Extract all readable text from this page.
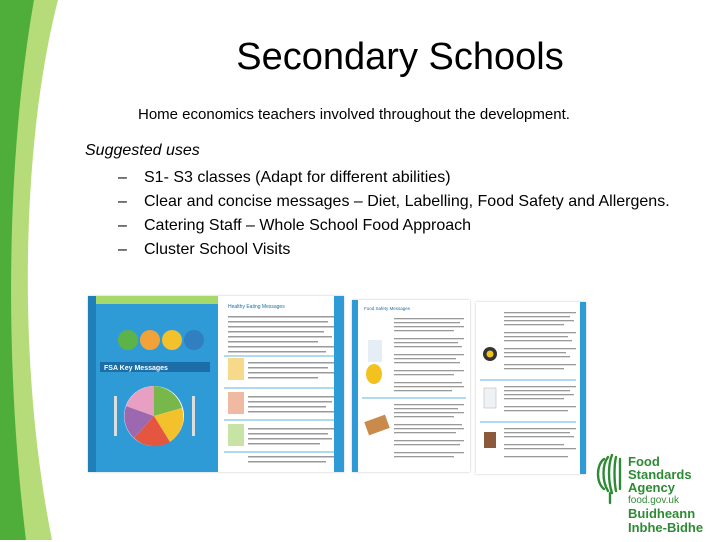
Secondary Schools
Home economics teachers involved throughout the development.
Suggested uses
– S1- S3 classes (Adapt for different abilities)
– Clear and concise messages – Diet, Labelling, Food Safety and Allergens.
– Catering Staff – Whole School Food Approach
– Cluster School Visits
FSA Key Messages
Healthy Eating Messages	Food Safety Messages
Food
Standards
Agency
food.gov.uk
Buidheann
Inbhe-Bìdhe
